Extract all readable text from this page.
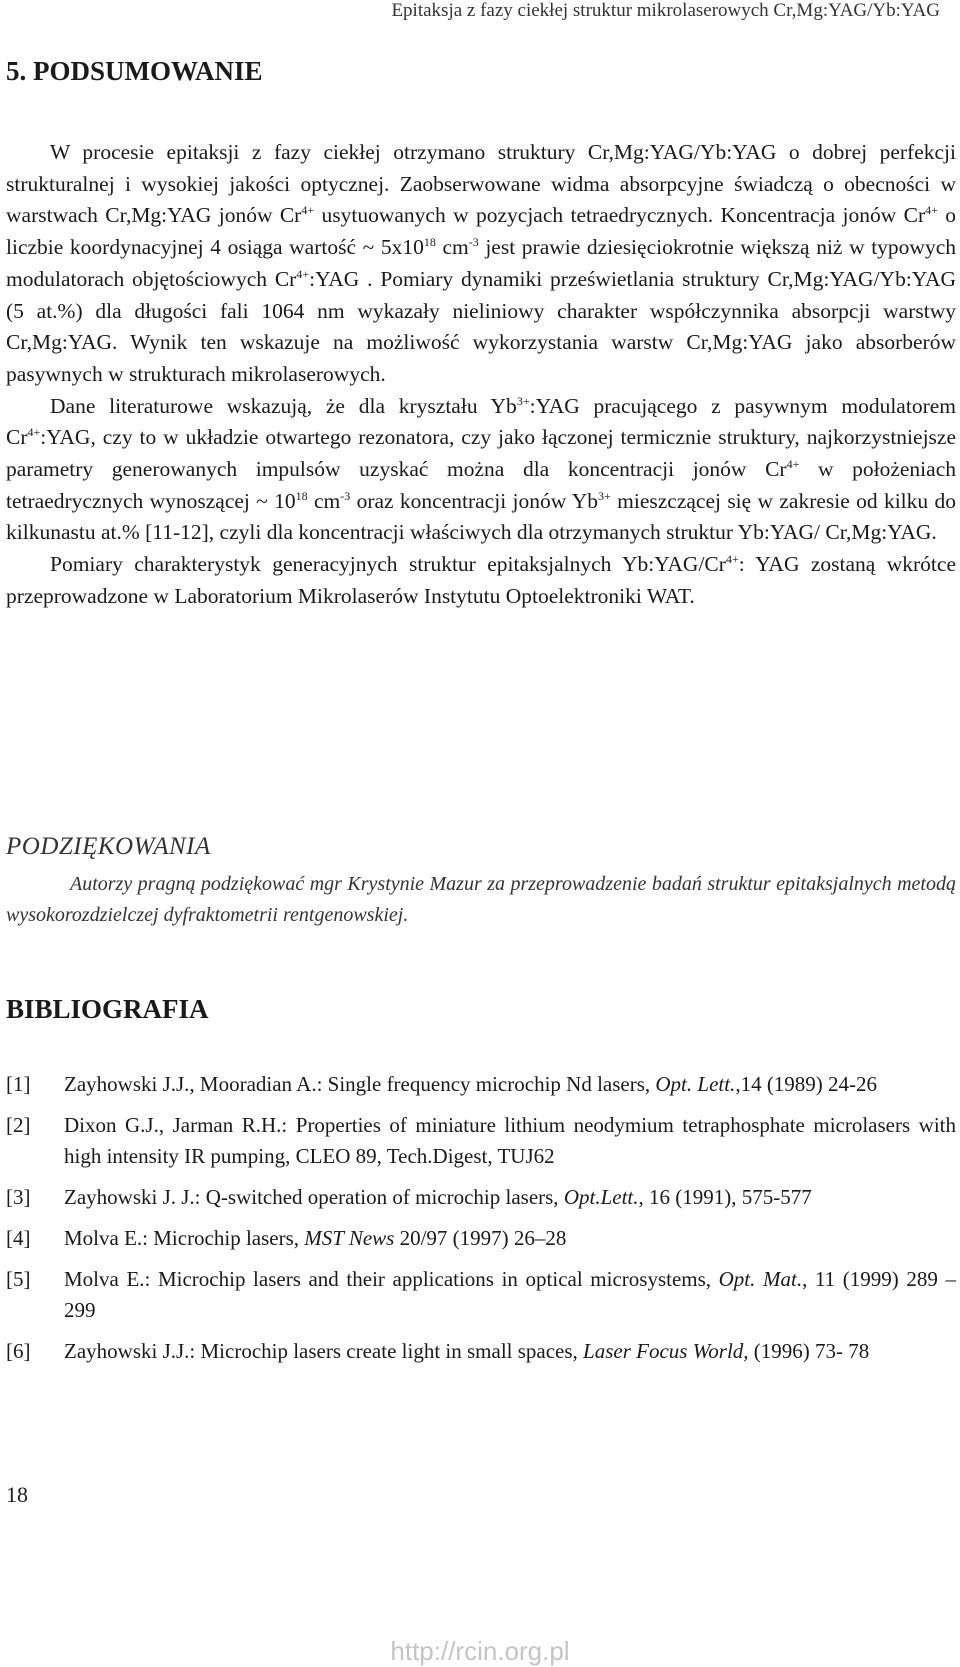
Epitaksja z fazy ciekłej struktur mikrolaserowych Cr,Mg:YAG/Yb:YAG
5. PODSUMOWANIE

W procesie epitaksji z fazy ciekłej otrzymano struktury Cr,Mg:YAG/Yb:YAG o dobrej perfekcji strukturalnej i wysokiej jakości optycznej. Zaobserwowane widma absorpcyjne świadczą o obecności w warstwach Cr,Mg:YAG jonów $Cr^{4+}$ usytuowanych w pozycjach tetraedrycznych. Koncentracja jonów $Cr^{4+}$ o liczbie koordynacyjnej 4 osiąga wartość ~ $5x10^{18}$ $cm^{-3}$ jest prawie dziesięciokrotnie większą niż w typowych modulatorach objętościowych $Cr^{4+}:YAG$ . Pomiary dynamiki prześwietlania struktury Cr,Mg:YAG/Yb:YAG (5 at.%) dla długości fali 1064 nm wykazały nieliniowy charakter współczynnika absorpcji warstwy Cr,Mg:YAG. Wynik ten wskazuje na możliwość wykorzystania warstw Cr,Mg:YAG jako absorberów pasywnych w strukturach mikrolaserowych.

Dane literaturowe wskazują, że dla kryształu $Yb^{3+}:YAG$ pracującego z pasywnym modulatorem $Cr^{4+}:YAG$, czy to w układzie otwartego rezonatora, czy jako łączonej termicznie struktury, najkorzystniejsze parametry generowanych impulsów uzyskać można dla koncentracji jonów $Cr^{4+}$ w położeniach tetraedrycznych wynoszącej ~ $10^{18}$ $cm^{-3}$ oraz koncentracji jonów $Yb^{3+}$ mieszczącej się w zakresie od kilku do kilkunastu at.% [11-12], czyli dla koncentracji właściwych dla otrzymanych struktur Yb:YAG/ Cr,Mg:YAG.

Pomiary charakterystyk generacyjnych struktur epitaksjalnych $Yb:YAG/Cr^{4+}$: YAG zostaną wkrótce przeprowadzone w Laboratorium Mikrolaserów Instytutu Optoelektroniki WAT.

PODZIĘKOWANIA

Autorzy pragną podziękować mgr Krystynie Mazur za przeprowadzenie badań struktur epitaksjalnych metodą wysokorozdzielczej dyfraktometrii rentgenowskiej.

BIBLIOGRAFIA
[1] Zayhowski J.J., Mooradian A.: Single frequency microchip Nd lasers, Opt. Lett.,14 (1989) 24-26
[2] Dixon G.J., Jarman R.H.: Properties of miniature lithium neodymium tetraphosphate microlasers with high intensity IR pumping, CLEO 89, Tech.Digest, TUJ62
[3] Zayhowski J. J.: Q-switched operation of microchip lasers, Opt.Lett., 16 (1991), 575-577
[4] Molva E.: Microchip lasers, MST News 20/97 (1997) 26–28
[5] Molva E.: Microchip lasers and their applications in optical microsystems, Opt. Mat., 11 (1999) 289 – 299
[6] Zayhowski J.J.: Microchip lasers create light in small spaces, Laser Focus World, (1996) 73- 78
18
http://rcin.org.pl
